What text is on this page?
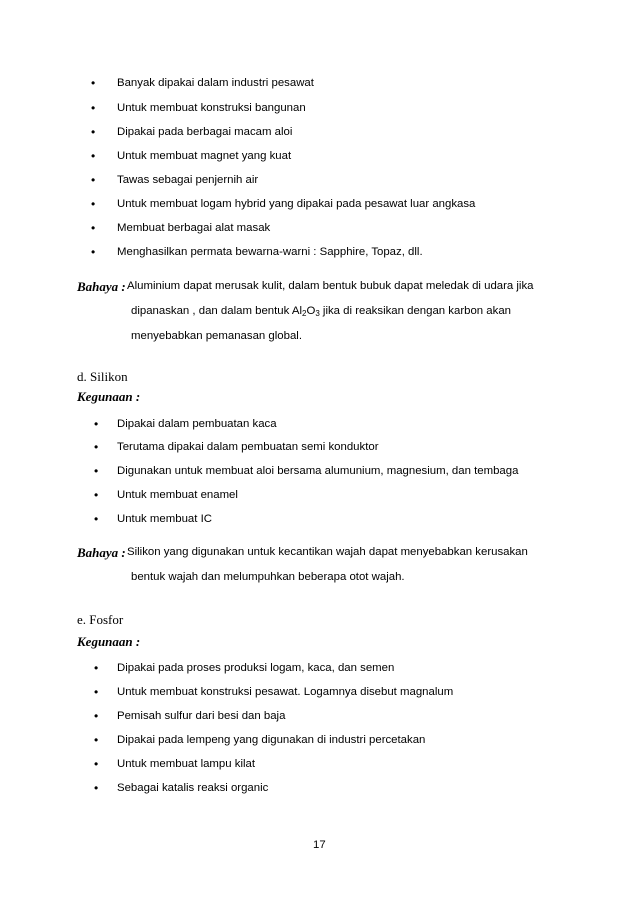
• Banyak dipakai dalam industri pesawat
• Untuk membuat konstruksi bangunan
• Dipakai pada berbagai macam aloi
• Untuk membuat magnet yang kuat
• Tawas sebagai penjernih air
• Untuk membuat logam hybrid yang dipakai pada pesawat luar angkasa
• Membuat berbagai alat masak
• Menghasilkan permata bewarna-warni : Sapphire, Topaz, dll.
Bahaya : Aluminium dapat merusak kulit, dalam bentuk bubuk dapat meledak di udara jika
dipanaskan , dan dalam bentuk $Al_2O_3$ jika di reaksikan dengan karbon akan
menyebabkan pemanasan global.
d. Silikon
Kegunaan :
• Dipakai dalam pembuatan kaca
• Terutama dipakai dalam pembuatan semi konduktor
• Digunakan untuk membuat aloi bersama alumunium, magnesium, dan tembaga
• Untuk membuat enamel
• Untuk membuat IC
Bahaya : Silikon yang digunakan untuk kecantikan wajah dapat menyebabkan kerusakan
bentuk wajah dan melumpuhkan beberapa otot wajah.
e. Fosfor
Kegunaan :
• Dipakai pada proses produksi logam, kaca, dan semen
• Untuk membuat konstruksi pesawat. Logamnya disebut magnalum
• Pemisah sulfur dari besi dan baja
• Dipakai pada lempeng yang digunakan di industri percetakan
• Untuk membuat lampu kilat
• Sebagai katalis reaksi organic
17
